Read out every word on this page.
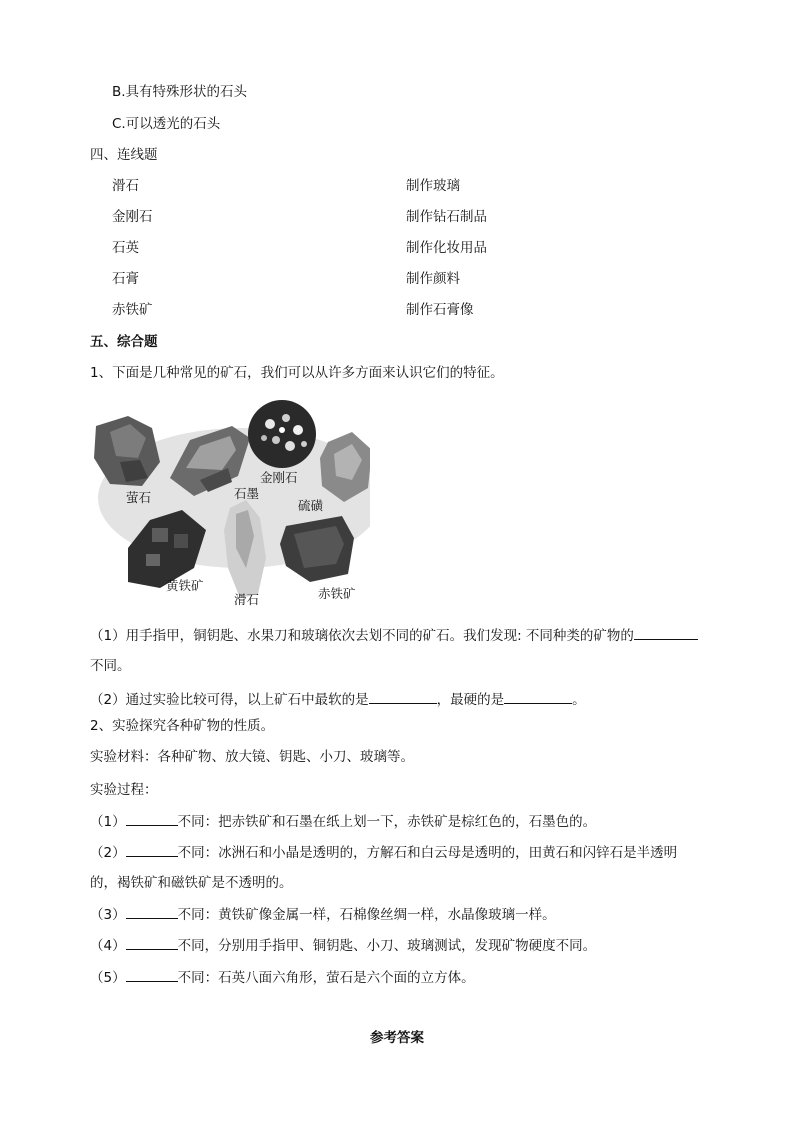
B.具有特殊形状的石头
C.可以透光的石头
四、连线题
滑石	制作玻璃
金刚石	制作钻石制品
石英	制作化妆用品
石膏	制作颜料
赤铁矿	制作石膏像
五、综合题
1、下面是几种常见的矿石，我们可以从许多方面来认识它们的特征。
萤石	石墨
金刚石
硫磺
黄铁矿
滑石	赤铁矿
（1）用手指甲，铜钥匙、水果刀和玻璃依次去划不同的矿石。我们发现: 不同种类的矿物的
不同。
（2）通过实验比较可得，以上矿石中最软的是	，最硬的是	。
2、实验探究各种矿物的性质。
实验材料：各种矿物、放大镜、钥匙、小刀、玻璃等。
实验过程：
（1）	不同：把赤铁矿和石墨在纸上划一下，赤铁矿是棕红色的，石墨色的。
（2）	不同：冰洲石和小晶是透明的，方解石和白云母是透明的，田黄石和闪锌石是半透明
的，褐铁矿和磁铁矿是不透明的。
（3）	不同：黄铁矿像金属一样，石棉像丝绸一样，水晶像玻璃一样。
（4）	不同，分别用手指甲、铜钥匙、小刀、玻璃测试，发现矿物硬度不同。
（5）	不同：石英八面六角形，萤石是六个面的立方体。
参考答案
